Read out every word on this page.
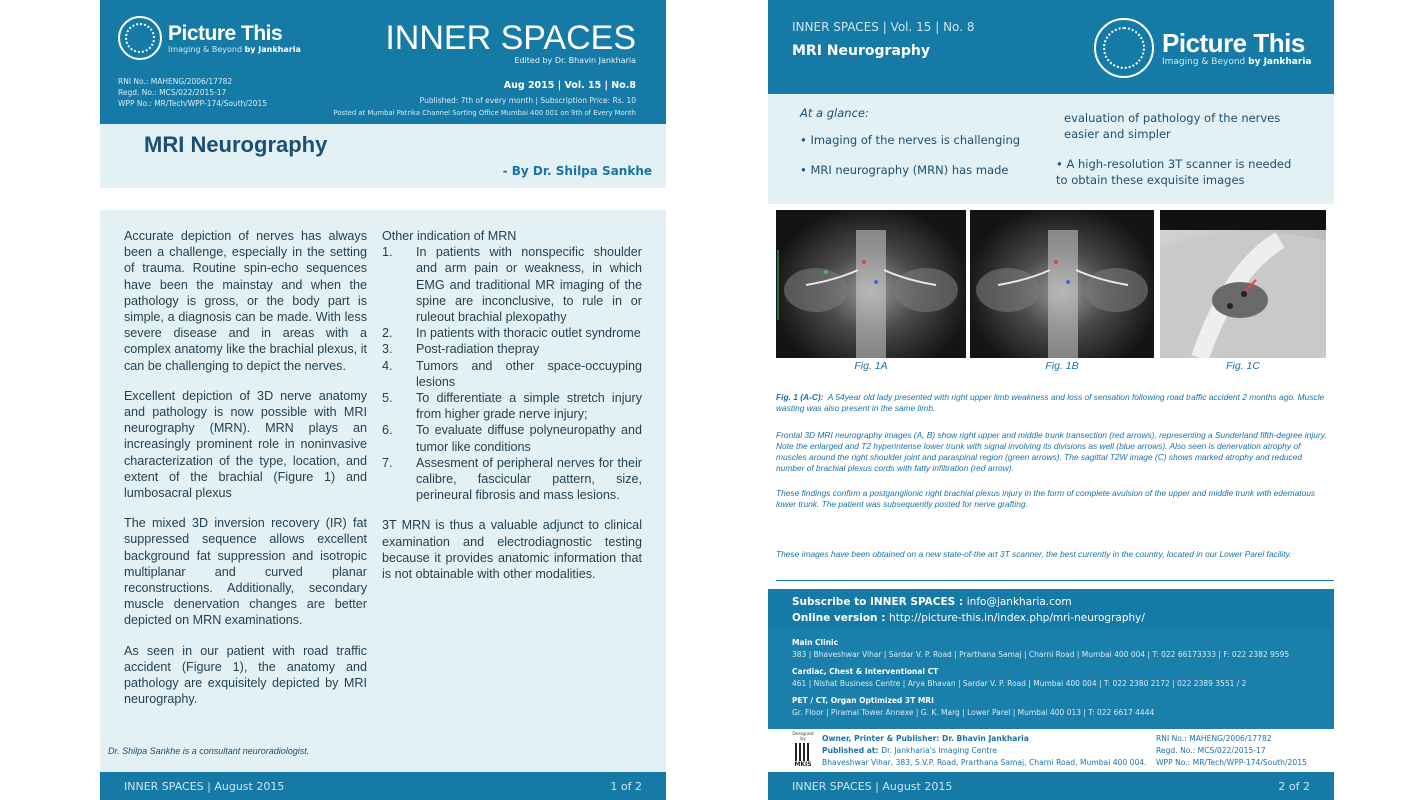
Picture This
Imaging & Beyond by Jankharia
RNI No.: MAHENG/2006/17782
Regd. No.: MCS/022/2015-17
WPP No.: MR/Tech/WPP-174/South/2015
INNER SPACES
Edited by Dr. Bhavin Jankharia
Aug 2015 | Vol. 15 | No.8
Published: 7th of every month | Subscription Price: Rs. 10
Posted at Mumbai Patrika Channel Sorting Office Mumbai 400 001 on 9th of Every Month
MRI Neurography
- By Dr. Shilpa Sankhe

Accurate depiction of nerves has always been a challenge, especially in the setting of trauma. Routine spin-echo sequences have been the mainstay and when the pathology is gross, or the body part is simple, a diagnosis can be made. With less severe disease and in areas with a complex anatomy like the brachial plexus, it can be challenging to depict the nerves.

Excellent depiction of 3D nerve anatomy and pathology is now possible with MRI neurography (MRN). MRN plays an increasingly prominent role in noninvasive characterization of the type, location, and extent of the brachial (Figure 1) and lumbosacral plexus

The mixed 3D inversion recovery (IR) fat suppressed sequence allows excellent background fat suppression and isotropic multiplanar and curved planar reconstructions. Additionally, secondary muscle denervation changes are better depicted on MRN examinations.

As seen in our patient with road traffic accident (Figure 1), the anatomy and pathology are exquisitely depicted by MRI neurography.

Other indication of MRN
1.	In patients with nonspecific shoulder and arm pain or weakness, in which EMG and traditional MR imaging of the spine are inconclusive, to rule in or ruleout brachial plexopathy
2.	In patients with thoracic outlet syndrome
3.	Post-radiation thepray
4.	Tumors and other space-occuyping lesions
5.	To differentiate a simple stretch injury from higher grade nerve injury;
6.	To evaluate diffuse polyneuropathy and tumor like conditions
7.	Assesment of peripheral nerves for their calibre, fascicular pattern, size, perineural fibrosis and mass lesions.

3T MRN is thus a valuable adjunct to clinical examination and electrodiagnostic testing because it provides anatomic information that is not obtainable with other modalities.

Dr. Shilpa Sankhe is a consultant neuroradiologist.
INNER SPACES | August 2015	1 of 2
INNER SPACES | Vol. 15 | No. 8
MRI Neurography	Picture This
Imaging & Beyond by Jankharia
At a glance:
• Imaging of the nerves is challenging
• MRI neurography (MRN) has made
evaluation of pathology of the nerves easier and simpler
• A high-resolution 3T scanner is needed to obtain these exquisite images
Fig. 1A	Fig. 1B	Fig. 1C
Fig. 1 (A-C): A 54year old lady presented with right upper limb weakness and loss of sensation following road traffic accident 2 months ago. Muscle wasting was also present in the same limb.
Frontal 3D MRI neurography images (A, B) show right upper and middle trunk transection (red arrows), representing a Sunderland fifth-degree injury. Note the enlarged and T2 hyperintense lower trunk with signal involving its divisions as well (blue arrows). Also seen is denervation atrophy of muscles around the right shoulder joint and paraspinal region (green arrows). The sagittal T2W image (C) shows marked atrophy and reduced number of brachial plexus cords with fatty infiltration (red arrow).
These findings confirm a postganglionic right brachial plexus injury in the form of complete avulsion of the upper and middle trunk with edematous lower trunk. The patient was subsequently posted for nerve grafting.
These images have been obtained on a new state-of-the art 3T scanner, the best currently in the country, located in our Lower Parel facility.
Subscribe to INNER SPACES : info@jankharia.com
Online version : http://picture-this.in/index.php/mri-neurography/
Main Clinic
383 | Bhaveshwar Vihar | Sardar V. P. Road | Prarthana Samaj | Charni Road | Mumbai 400 004 | T: 022 66173333 | F: 022 2382 9595
Cardiac, Chest & Interventional CT
461 | Nishat Business Centre | Arya Bhavan | Sardar V. P. Road | Mumbai 400 004 | T: 022 2380 2172 | 022 2389 3551 / 2
PET / CT, Organ Optimized 3T MRI
Gr. Floor | Piramal Tower Annexe | G. K. Marg | Lower Parel | Mumbai 400 013 | T: 022 6617 4444
Designed by
MKIS
Owner, Printer & Publisher: Dr. Bhavin Jankharia
Published at: Dr. Jankharia's Imaging Centre
Bhaveshwar Vihar, 383, S.V.P. Road, Prarthana Samaj, Charni Road, Mumbai 400 004.
RNI No.: MAHENG/2006/17782
Regd. No.: MCS/022/2015-17
WPP No.: MR/Tech/WPP-174/South/2015
INNER SPACES | August 2015	2 of 2
